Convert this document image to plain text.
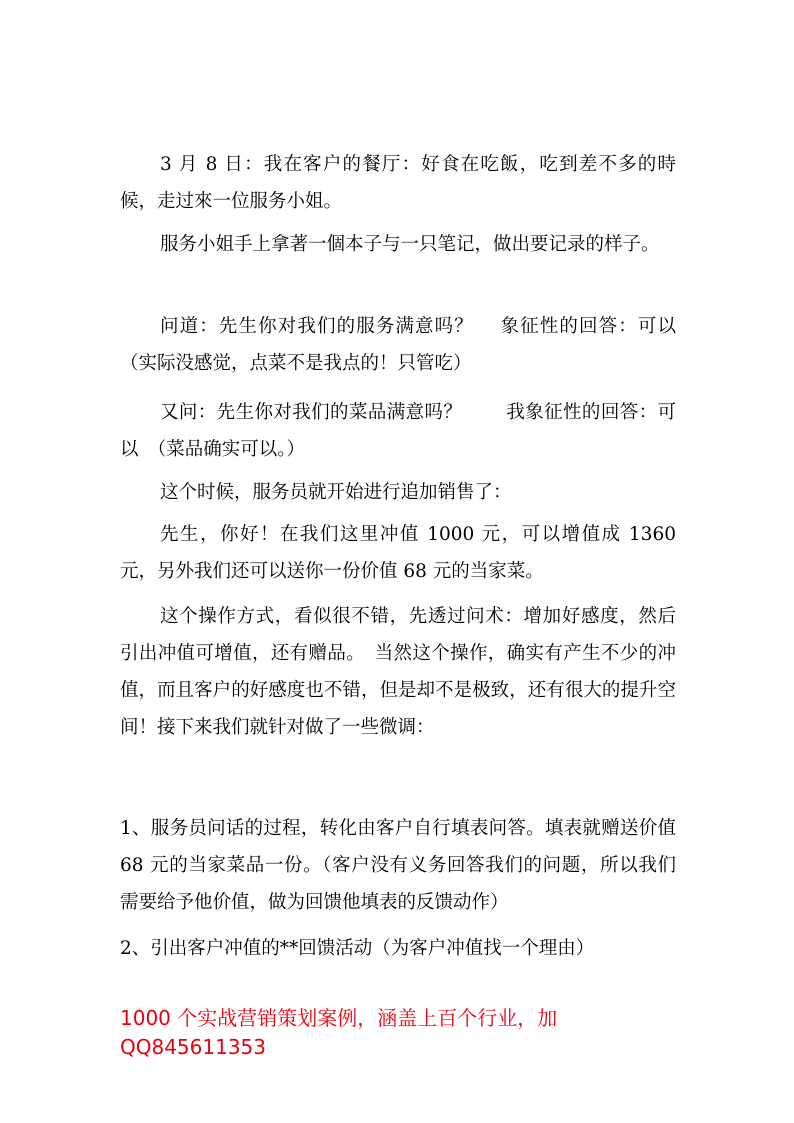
3 月 8 日：我在客户的餐厅：好食在吃飯，吃到差不多的時候，走过來一位服务小姐。

服务小姐手上拿著一個本子与一只笔记，做出要记录的样子。

问道：先生你对我们的服务满意吗？　 象征性的回答：可以（实际没感觉，点菜不是我点的！只管吃）

又问：先生你对我们的菜品满意吗？　　 我象征性的回答：可以　（菜品确实可以。）

这个时候，服务员就开始进行追加销售了：

先生，你好！在我们这里冲值 1000 元，可以增值成 1360 元，另外我们还可以送你一份价值 68 元的当家菜。

这个操作方式，看似很不错，先透过问术：增加好感度，然后引出冲值可增值，还有赠品。　当然这个操作，确实有产生不少的冲值，而且客户的好感度也不错，但是却不是极致，还有很大的提升空间！接下来我们就针对做了一些微调：

1、服务员问话的过程，转化由客户自行填表问答。填表就赠送价值 68 元的当家菜品一份。（客户没有义务回答我们的问题，所以我们需要给予他价值，做为回馈他填表的反馈动作）

2、引出客户冲值的**回馈活动（为客户冲值找一个理由）

1000 个实战营销策划案例，涵盖上百个行业，加
QQ845611353
